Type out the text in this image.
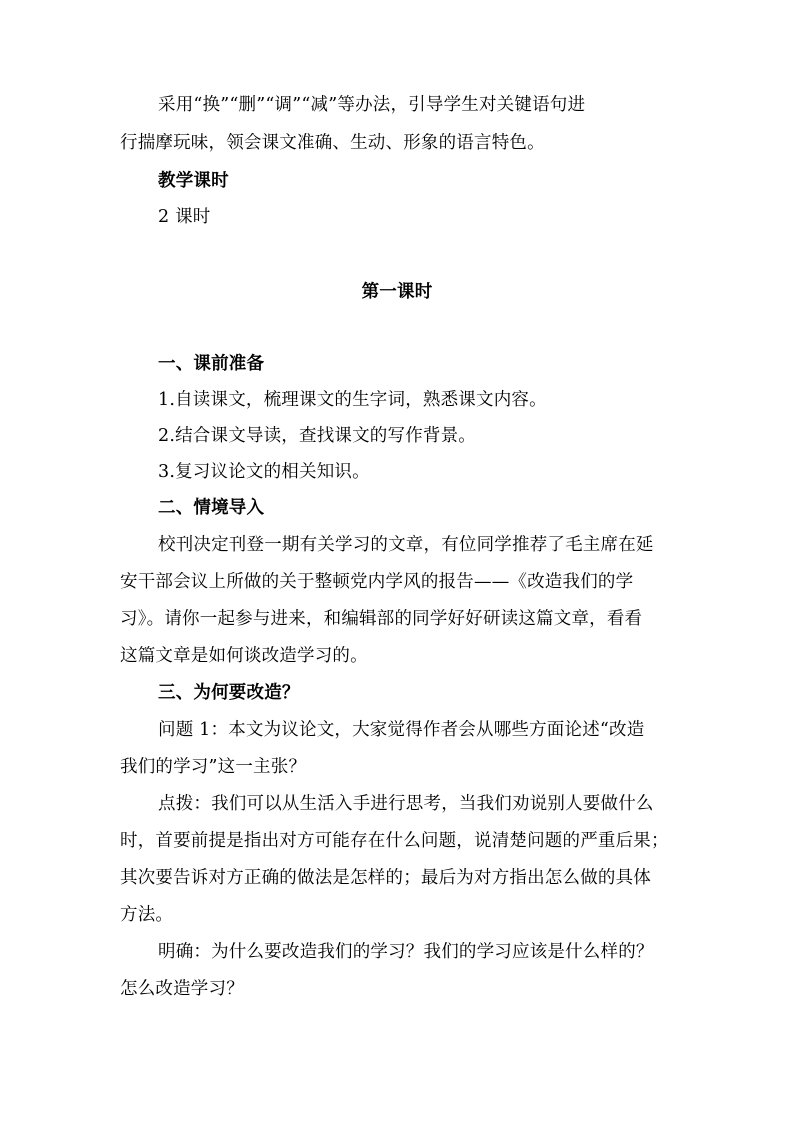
采用“换”“删”“调”“减”等办法，引导学生对关键语句进
行揣摩玩味，领会课文准确、生动、形象的语言特色。
教学课时
2 课时
第一课时
一、课前准备
1.自读课文，梳理课文的生字词，熟悉课文内容。
2.结合课文导读，查找课文的写作背景。
3.复习议论文的相关知识。
二、情境导入
校刊决定刊登一期有关学习的文章，有位同学推荐了毛主席在延
安干部会议上所做的关于整顿党内学风的报告——《改造我们的学
习》。请你一起参与进来，和编辑部的同学好好研读这篇文章，看看
这篇文章是如何谈改造学习的。
三、为何要改造？
问题 1：本文为议论文，大家觉得作者会从哪些方面论述“改造
我们的学习”这一主张？
点拨：我们可以从生活入手进行思考，当我们劝说别人要做什么
时，首要前提是指出对方可能存在什么问题，说清楚问题的严重后果；
其次要告诉对方正确的做法是怎样的；最后为对方指出怎么做的具体
方法。
明确：为什么要改造我们的学习？我们的学习应该是什么样的？
怎么改造学习？
